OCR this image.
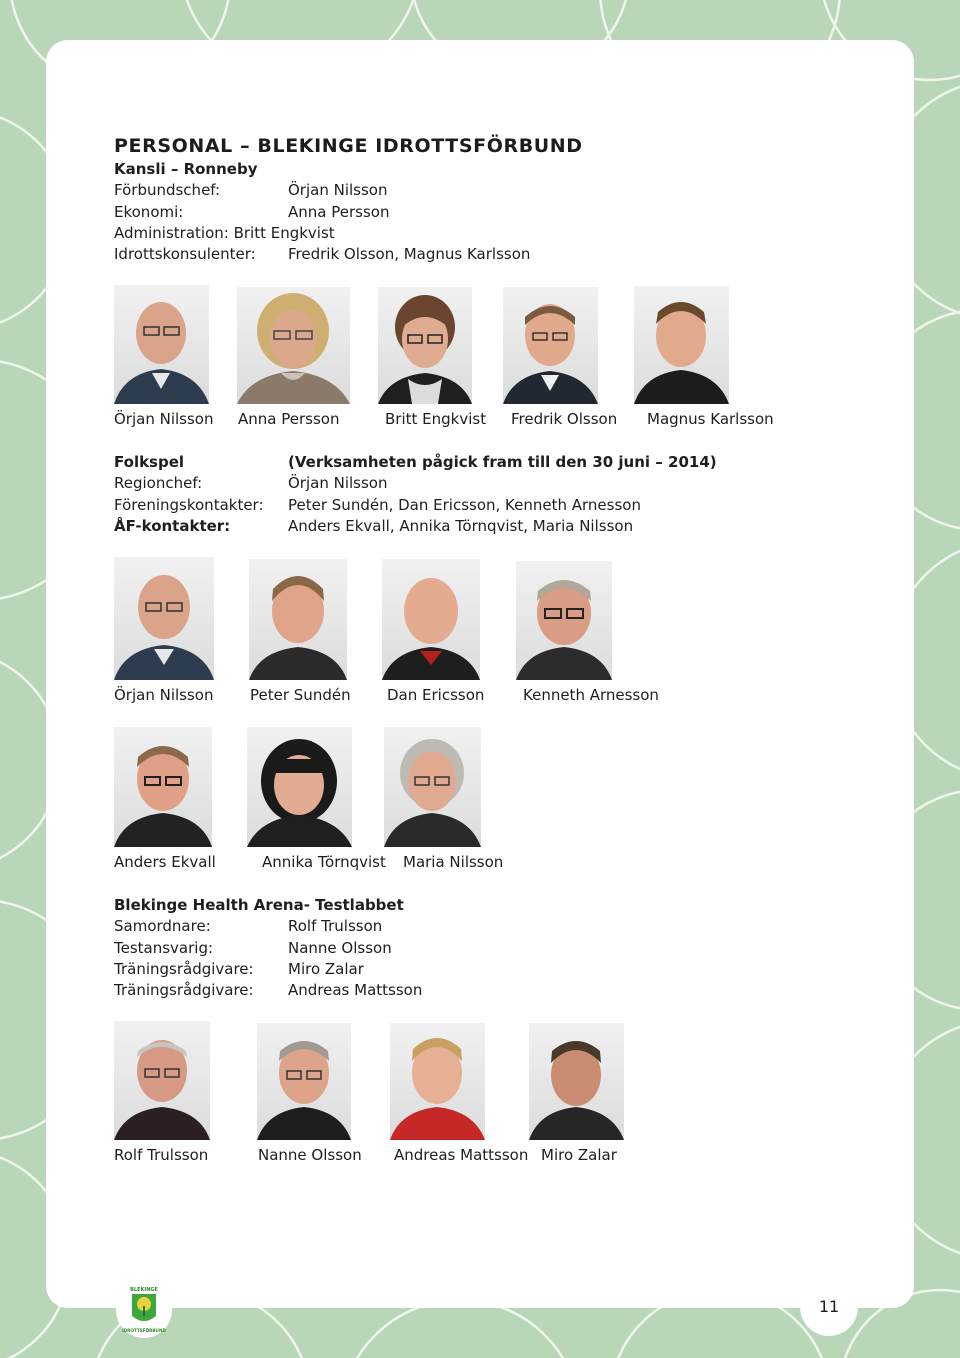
PERSONAL – BLEKINGE IDROTTSFÖRBUND
Kansli – Ronneby
Förbundschef:	Örjan Nilsson
Ekonomi:	Anna Persson
Administration: Britt Engkvist
Idrottskonsulenter: Fredrik Olsson, Magnus Karlsson
Örjan Nilsson Anna Persson	Britt Engkvist Fredrik Olsson Magnus Karlsson
Folkspel	(Verksamheten pågick fram till den 30 juni – 2014)
Regionchef:	Örjan Nilsson
Föreningskontakter: Peter Sundén, Dan Ericsson, Kenneth Arnesson
ÅF-kontakter:	Anders Ekvall, Annika Törnqvist, Maria Nilsson
Örjan Nilsson Peter Sundén Dan Ericsson	Kenneth Arnesson
Anders Ekvall	Annika Törnqvist Maria Nilsson
Blekinge Health Arena- Testlabbet
Samordnare:	Rolf Trulsson
Testansvarig:	Nanne Olsson
Träningsrådgivare: Miro Zalar
Träningsrådgivare: Andreas Mattsson
Rolf Trulsson	Nanne Olsson Andreas Mattsson Miro Zalar
BLEKINGE
IDROTTSFÖRBUND
11
